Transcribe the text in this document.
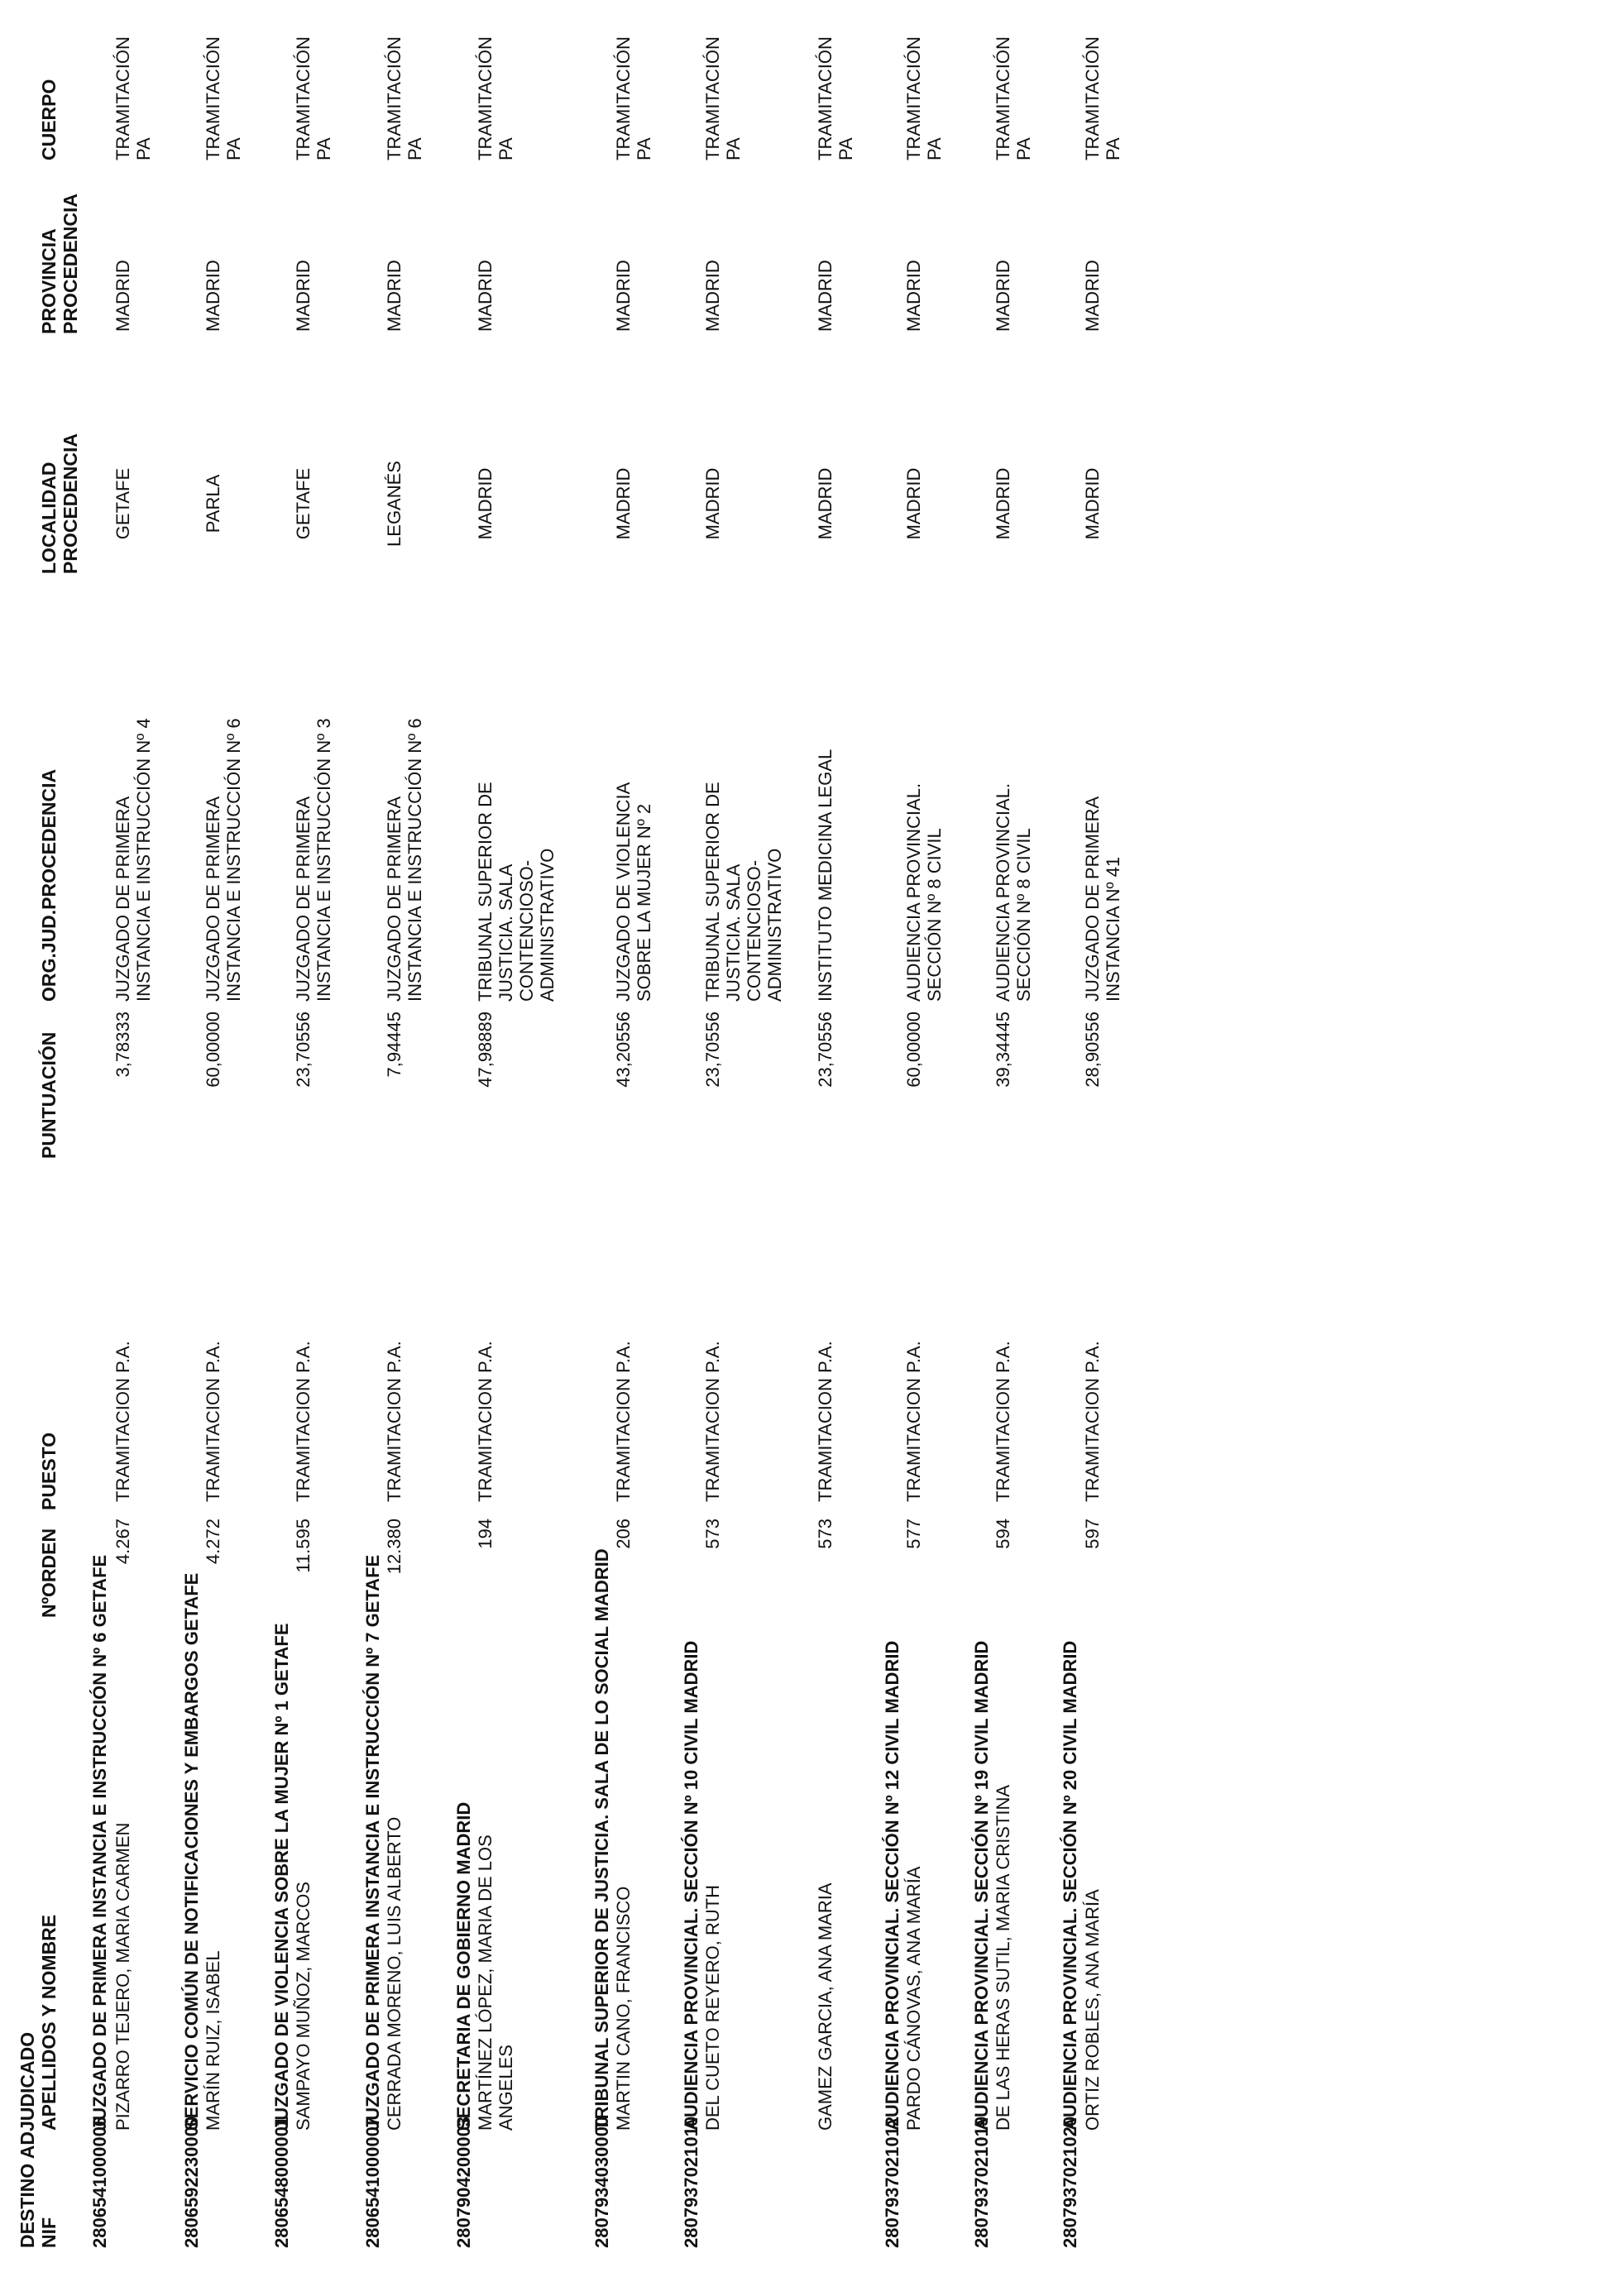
DESTINO ADJUDICADO NIF
APELLIDOS Y NOMBRE
NºORDEN
PUESTO
PUNTUACIÓN
ORG.JUD.PROCEDENCIA
LOCALIDAD PROCEDENCIA
PROVINCIA PROCEDENCIA
CUERPO
2806541000006
JUZGADO DE PRIMERA INSTANCIA E INSTRUCCIÓN Nº 6 GETAFE PIZARRO TEJERO, MARIA CARMEN
4.267
TRAMITACION P.A.
3,78333
JUZGADO DE PRIMERA INSTANCIA E INSTRUCCIÓN Nº 4
GETAFE
MADRID
TRAMITACIÓN PA
2806592230000
SERVICIO COMÚN DE NOTIFICACIONES Y EMBARGOS GETAFE MARÍN RUIZ, ISABEL
4.272
TRAMITACION P.A.
60,00000
JUZGADO DE PRIMERA INSTANCIA E INSTRUCCIÓN Nº 6
PARLA
MADRID
TRAMITACIÓN PA
2806548000001
JUZGADO DE VIOLENCIA SOBRE LA MUJER Nº 1 GETAFE SAMPAYO MUÑOZ, MARCOS
11.595
TRAMITACION P.A.
23,70556
JUZGADO DE PRIMERA INSTANCIA E INSTRUCCIÓN Nº 3
GETAFE
MADRID
TRAMITACIÓN PA
2806541000007
JUZGADO DE PRIMERA INSTANCIA E INSTRUCCIÓN Nº 7 GETAFE CERRADA MORENO, LUIS ALBERTO
12.380
TRAMITACION P.A.
7,94445
JUZGADO DE PRIMERA INSTANCIA E INSTRUCCIÓN Nº 6
LEGANÉS
MADRID
TRAMITACIÓN PA
2807904200003
SECRETARIA DE GOBIERNO MADRID MARTÍNEZ LÓPEZ, MARIA DE LOS ANGELES
194
TRAMITACION P.A.
47,98889
TRIBUNAL SUPERIOR DE JUSTICIA. SALA CONTENCIOSO- ADMINISTRATIVO
MADRID
MADRID
TRAMITACIÓN PA
2807934030000
TRIBUNAL SUPERIOR DE JUSTICIA. SALA DE LO SOCIAL MADRID MARTIN CANO, FRANCISCO
206
TRAMITACION P.A.
43,20556
JUZGADO DE VIOLENCIA SOBRE LA MUJER Nº 2
MADRID
MADRID
TRAMITACIÓN PA
2807937021010
AUDIENCIA PROVINCIAL. SECCIÓN Nº 10 CIVIL MADRID DEL CUETO REYERO, RUTH
573
TRAMITACION P.A.
23,70556
TRIBUNAL SUPERIOR DE JUSTICIA. SALA CONTENCIOSO- ADMINISTRATIVO
MADRID
MADRID
TRAMITACIÓN PA
GAMEZ GARCIA, ANA MARIA
573
TRAMITACION P.A.
23,70556
INSTITUTO MEDICINA LEGAL
MADRID
MADRID
TRAMITACIÓN PA
2807937021012
AUDIENCIA PROVINCIAL. SECCIÓN Nº 12 CIVIL MADRID PARDO CÁNOVAS, ANA MARÍA
577
TRAMITACION P.A.
60,00000
AUDIENCIA PROVINCIAL. SECCIÓN Nº 8 CIVIL
MADRID
MADRID
TRAMITACIÓN PA
2807937021019
AUDIENCIA PROVINCIAL. SECCIÓN Nº 19 CIVIL MADRID DE LAS HERAS SUTIL, MARIA CRISTINA
594
TRAMITACION P.A.
39,34445
AUDIENCIA PROVINCIAL. SECCIÓN Nº 8 CIVIL
MADRID
MADRID
TRAMITACIÓN PA
2807937021020
AUDIENCIA PROVINCIAL. SECCIÓN Nº 20 CIVIL MADRID ORTIZ ROBLES, ANA MARÍA
597
TRAMITACION P.A.
28,90556
JUZGADO DE PRIMERA INSTANCIA Nº 41
MADRID
MADRID
TRAMITACIÓN PA
